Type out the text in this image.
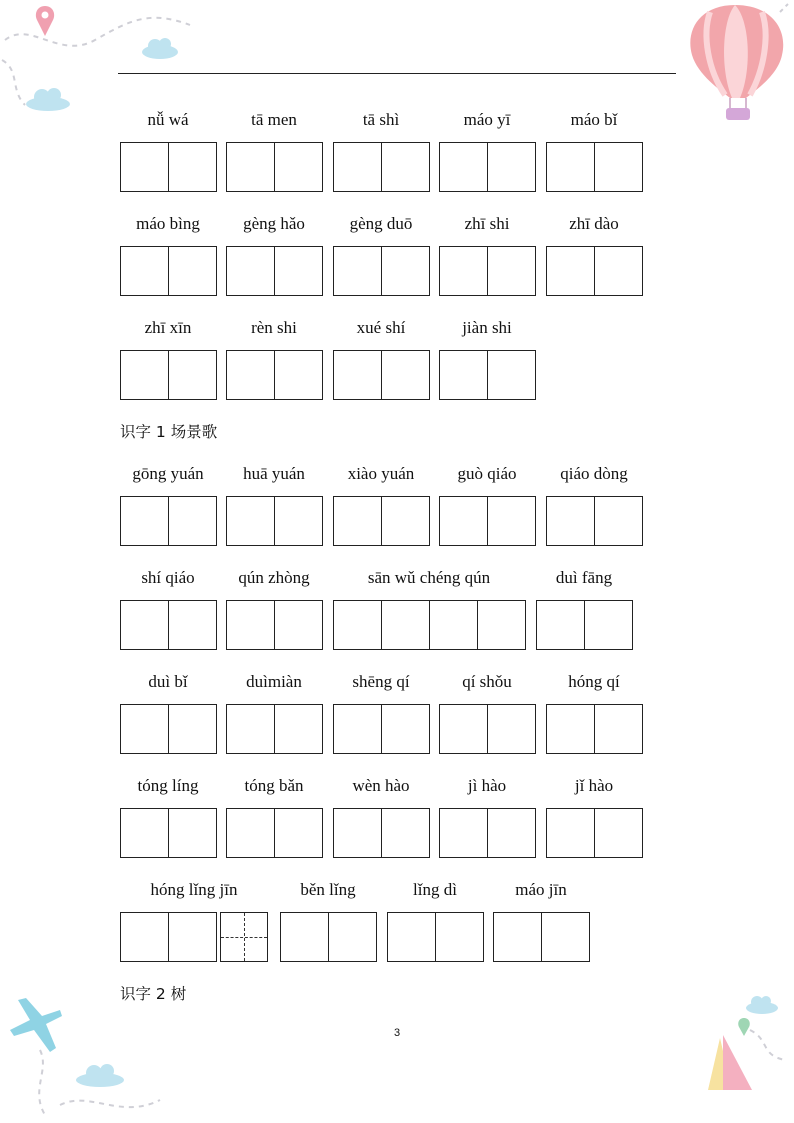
nǚ wá	tā men	tā shì	máo yī	máo bǐ
máo bìng	gèng hǎo	gèng duō	zhī shi	zhī dào
zhī xīn	rèn shi	xué shí	jiàn shi
识字 1 场景歌
gōng yuán	huā yuán	xiào yuán	guò qiáo	qiáo dòng
shí qiáo	qún zhòng	sān wǔ chéng qún	duì fāng
duì bǐ	duìmiàn	shēng qí	qí shǒu	hóng qí
tóng líng	tóng bǎn	wèn hào	jì hào	jǐ hào
hóng lǐng jīn	běn lǐng	lǐng dì	máo jīn
识字 2 树
3
